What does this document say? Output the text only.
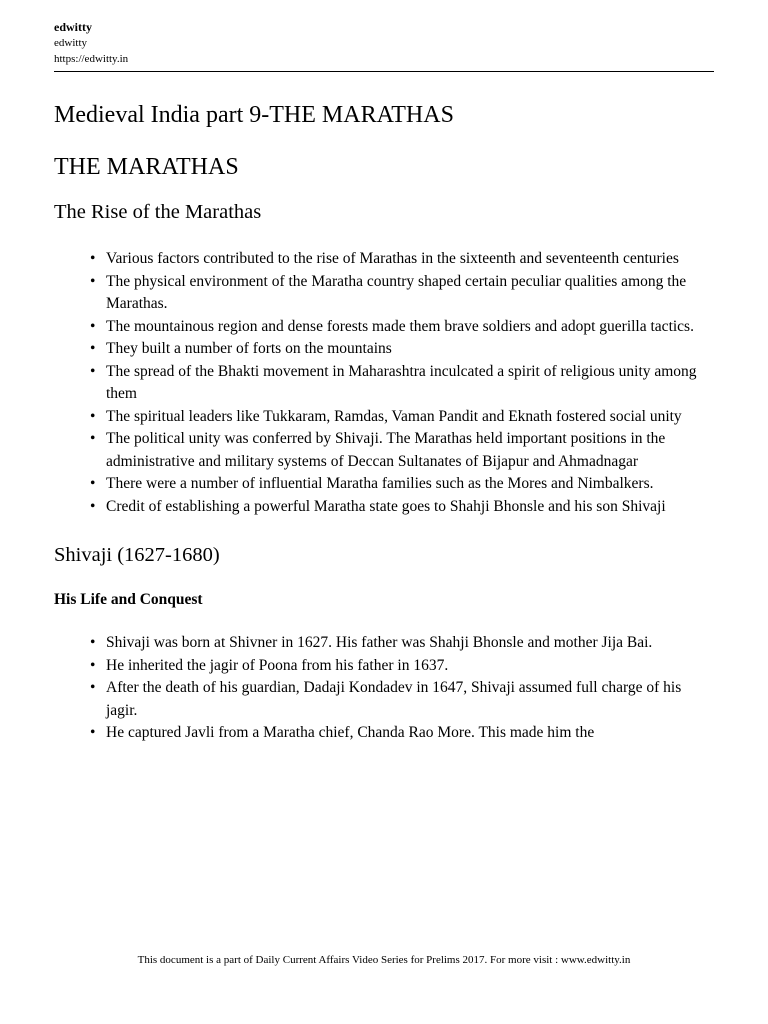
edwitty
edwitty
https://edwitty.in
Medieval India part 9-THE MARATHAS
THE MARATHAS
The Rise of the Marathas
• Various factors contributed to the rise of Marathas in the sixteenth and seventeenth centuries
• The physical environment of the Maratha country shaped certain peculiar qualities among the Marathas.
• The mountainous region and dense forests made them brave soldiers and adopt guerilla tactics.
• They built a number of forts on the mountains
• The spread of the Bhakti movement in Maharashtra inculcated a spirit of religious unity among them
• The spiritual leaders like Tukkaram, Ramdas, Vaman Pandit and Eknath fostered social unity
• The political unity was conferred by Shivaji. The Marathas held important positions in the administrative and military systems of Deccan Sultanates of Bijapur and Ahmadnagar
• There were a number of influential Maratha families such as the Mores and Nimbalkers.
• Credit of establishing a powerful Maratha state goes to Shahji Bhonsle and his son Shivaji
Shivaji (1627-1680)
His Life and Conquest
• Shivaji was born at Shivner in 1627. His father was Shahji Bhonsle and mother Jija Bai.
• He inherited the jagir of Poona from his father in 1637.
• After the death of his guardian, Dadaji Kondadev in 1647, Shivaji assumed full charge of his jagir.
• He captured Javli from a Maratha chief, Chanda Rao More. This made him the
This document is a part of Daily Current Affairs Video Series for Prelims 2017. For more visit : www.edwitty.in
